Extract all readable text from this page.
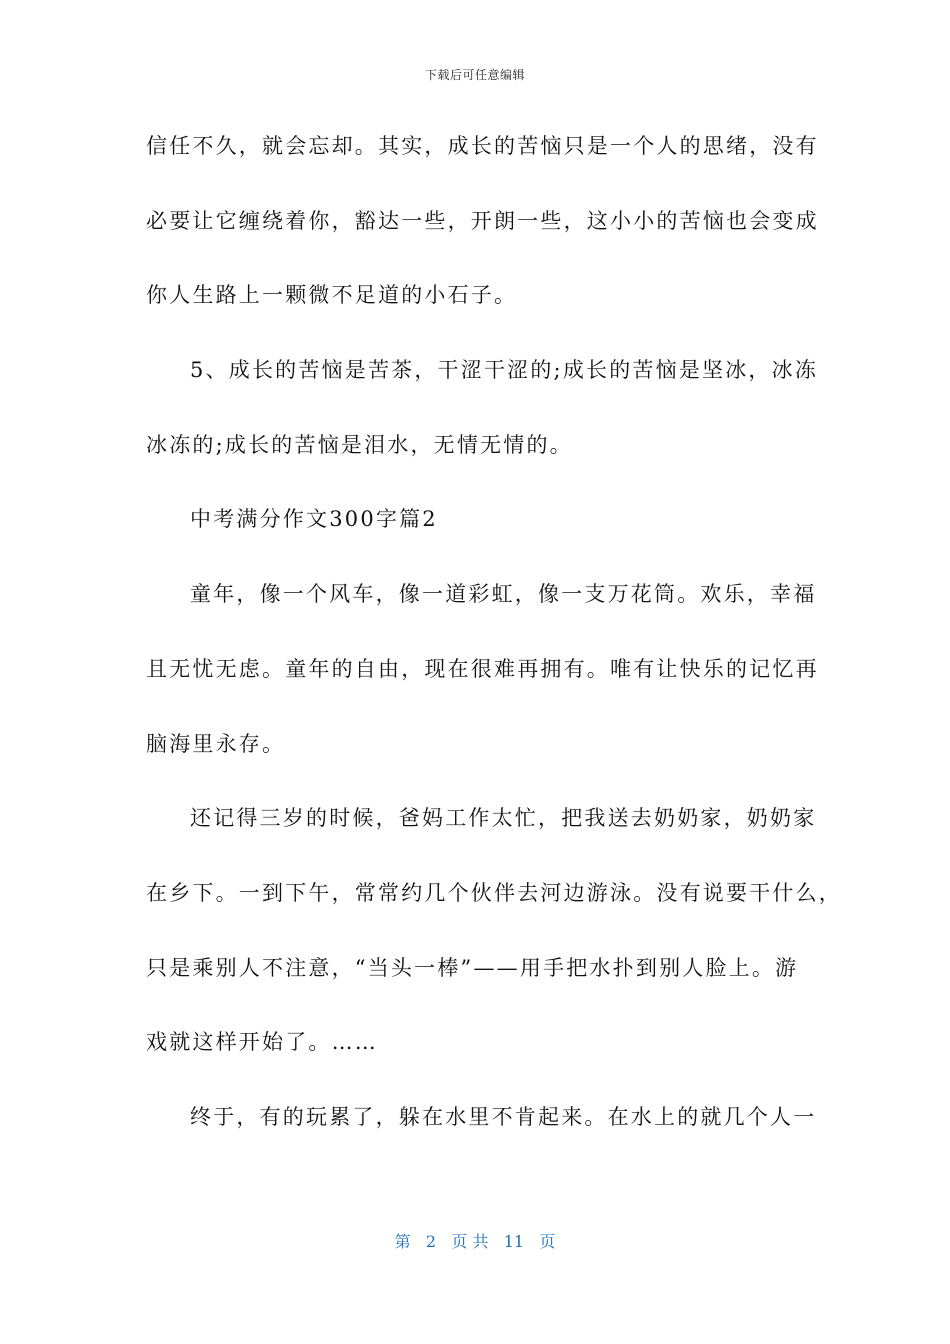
下载后可任意编辑
信任不久，就会忘却。其实，成长的苦恼只是一个人的思绪，没有
必要让它缠绕着你，豁达一些，开朗一些，这小小的苦恼也会变成
你人生路上一颗微不足道的小石子。
5、成长的苦恼是苦茶，干涩干涩的;成长的苦恼是坚冰，冰冻
冰冻的;成长的苦恼是泪水，无情无情的。
中考满分作文300字篇2
童年，像一个风车，像一道彩虹，像一支万花筒。欢乐，幸福
且无忧无虑。童年的自由，现在很难再拥有。唯有让快乐的记忆再
脑海里永存。
还记得三岁的时候，爸妈工作太忙，把我送去奶奶家，奶奶家
在乡下。一到下午，常常约几个伙伴去河边游泳。没有说要干什么，
只是乘别人不注意，“当头一棒”——用手把水扑到别人脸上。游
戏就这样开始了。……
终于，有的玩累了，躲在水里不肯起来。在水上的就几个人一
第 2 页 共 11 页
